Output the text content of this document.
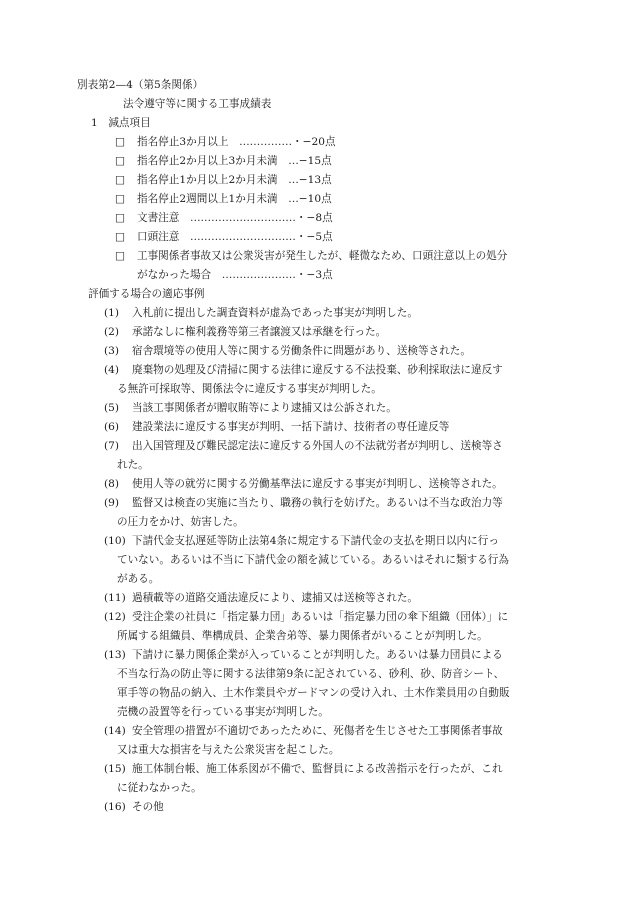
別表第2—4（第5条関係）
法令遵守等に関する工事成績表
1　減点項目
□ 指名停止3か月以上　……………・−20点
□ 指名停止2か月以上3か月未満　…−15点
□ 指名停止1か月以上2か月未満　…−13点
□ 指名停止2週間以上1か月未満　…−10点
□ 文書注意　…………………………・−8点
□ 口頭注意　…………………………・−5点
□ 工事関係者事故又は公衆災害が発生したが、軽微なため、口頭注意以上の処分
がなかった場合　…………………・−3点
評価する場合の適応事例
(1) 入札前に提出した調査資料が虚為であった事実が判明した。
(2) 承諾なしに権利義務等第三者譲渡又は承継を行った。
(3) 宿舎環境等の使用人等に関する労働条件に問題があり、送検等された。
(4) 廃棄物の処理及び清掃に関する法律に違反する不法投棄、砂利採取法に違反す
る無許可採取等、関係法令に違反する事実が判明した。
(5) 当該工事関係者が贈収賄等により逮捕又は公訴された。
(6) 建設業法に違反する事実が判明、一括下請け、技術者の専任違反等
(7) 出入国管理及び難民認定法に違反する外国人の不法就労者が判明し、送検等さ
れた。
(8) 使用人等の就労に関する労働基準法に違反する事実が判明し、送検等された。
(9) 監督又は検査の実施に当たり、職務の執行を妨げた。あるいは不当な政治力等
の圧力をかけ、妨害した。
(10) 下請代金支払遅延等防止法第4条に規定する下請代金の支払を期日以内に行っ
ていない。あるいは不当に下請代金の額を減じている。あるいはそれに類する行為
がある。
(11) 過積載等の道路交通法違反により、逮捕又は送検等された。
(12) 受注企業の社員に「指定暴力団」あるいは「指定暴力団の傘下組織（団体）」に
所属する組織員、準構成員、企業舎弟等、暴力関係者がいることが判明した。
(13) 下請けに暴力関係企業が入っていることが判明した。あるいは暴力団員による
不当な行為の防止等に関する法律第9条に記されている、砂利、砂、防音シート、
軍手等の物品の納入、土木作業員やガードマンの受け入れ、土木作業員用の自動販
売機の設置等を行っている事実が判明した。
(14) 安全管理の措置が不適切であったために、死傷者を生じさせた工事関係者事故
又は重大な損害を与えた公衆災害を起こした。
(15) 施工体制台帳、施工体系図が不備で、監督員による改善指示を行ったが、これ
に従わなかった。
(16) その他
